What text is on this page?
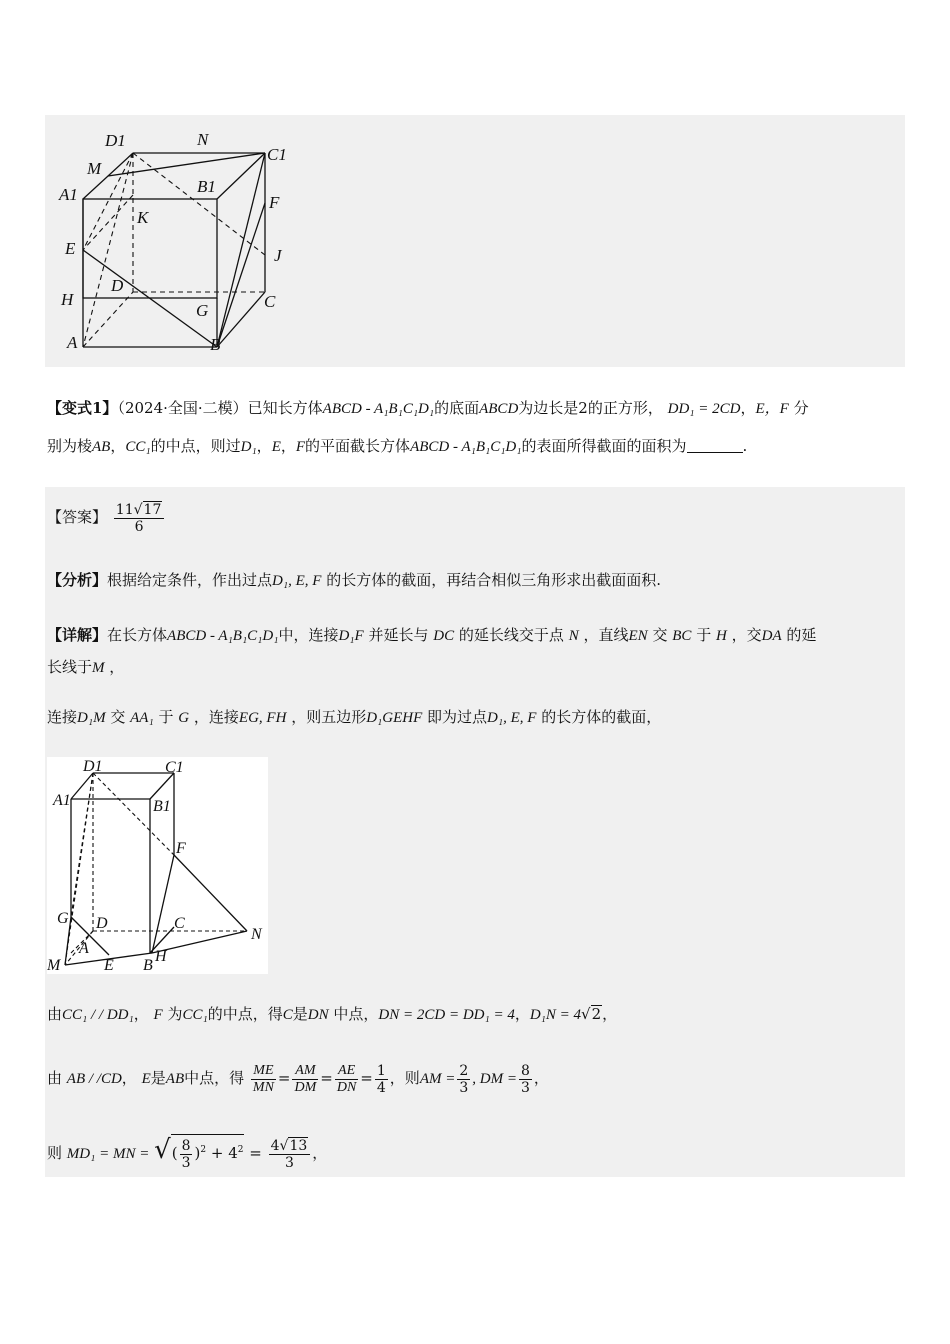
D1	N
C1
M
A1	B1
K
F
E	J
H
D
C
G
A	B
【变式1】（2024·全国·二模）已知长方体ABCD - A₁B₁C₁D₁的底面ABCD为边长是2的正方形， DD₁ = 2CD，E，F 分
别为棱AB，CC₁的中点，则过D₁，E，F的平面截长方体ABCD - A₁B₁C₁D₁的表面所得截面的面积为	.
【答案】 $\frac{11√17}{6}$
【分析】根据给定条件，作出过点D₁, E, F 的长方体的截面，再结合相似三角形求出截面面积.
【详解】在长方体ABCD - A₁B₁C₁D₁中，连接D₁F 并延长与 DC 的延长线交于点 N ，直线EN 交 BC 于 H ，交DA 的延
长线于M ，
连接D₁M 交 AA₁ 于 G ，连接EG, FH ，则五边形D₁GEHF 即为过点D₁, E, F 的长方体的截面，
D1	C1
A1	B1
F
G D	C
N
A
M	E B
H
由CC₁ / / DD₁， F 为CC₁的中点，得C是DN 中点，DN = 2CD = DD₁ = 4，D₁N = 4√2，
由 AB / /CD， E是AB中点，得 $\frac{ME}{MN} = \frac{AM}{DM} = \frac{AE}{DN} = \frac{1}{4}$ ，则AM = $\frac{2}{3}$ , DM = $\frac{8}{3}$ ，
则 MD₁ = MN = √( $\frac{8}{3} )^2 + 4^2 = \frac{4√13}{3}$ ，
